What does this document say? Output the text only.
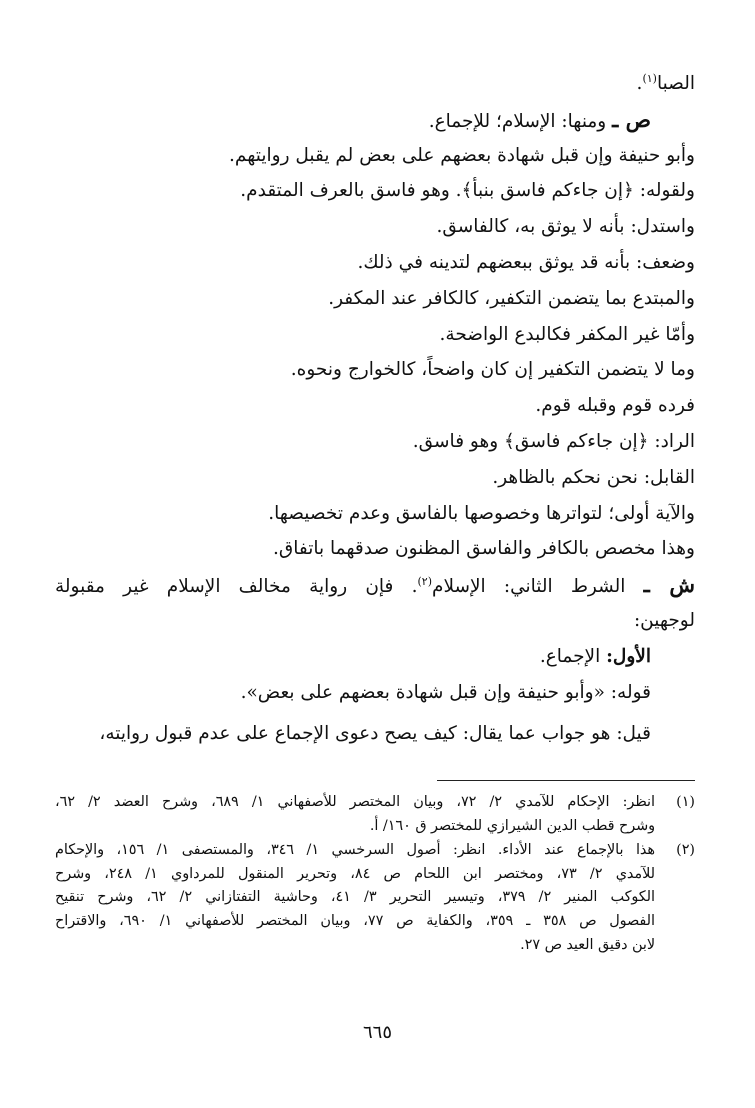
الصبا$^{(١)}$.
ص ـ ومنها: الإسلام؛ للإجماع.
وأبو حنيفة وإن قبل شهادة بعضهم على بعض لم يقبل روايتهم.
ولقوله: ﴿إن جاءكم فاسق بنبأ﴾. وهو فاسق بالعرف المتقدم.
واستدل: بأنه لا يوثق به، كالفاسق.
وضعف: بأنه قد يوثق ببعضهم لتدينه في ذلك.
والمبتدع بما يتضمن التكفير، كالكافر عند المكفر.
وأمّا غير المكفر فكالبدع الواضحة.
وما لا يتضمن التكفير إن كان واضحاً، كالخوارج ونحوه.
فرده قوم وقبله قوم.
الراد: ﴿إن جاءكم فاسق﴾ وهو فاسق.
القابل: نحن نحكم بالظاهر.
والآية أولى؛ لتواترها وخصوصها بالفاسق وعدم تخصيصها.
وهذا مخصص بالكافر والفاسق المظنون صدقهما باتفاق.
ش ـ الشرط الثاني: الإسلام$^{(٢)}$. فإن رواية مخالف الإسلام غير مقبولة
لوجهين:
الأول: الإجماع.
قوله: «وأبو حنيفة وإن قبل شهادة بعضهم على بعض».
قيل: هو جواب عما يقال: كيف يصح دعوى الإجماع على عدم قبول روايته،
(١)
انظر: الإحكام للآمدي ٢/ ٧٢، وبيان المختصر للأصفهاني ١/ ٦٨٩، وشرح العضد ٢/ ٦٢،
وشرح قطب الدين الشيرازي للمختصر ق ١٦٠/ أ.
(٢)
هذا بالإجماع عند الأداء. انظر: أصول السرخسي ١/ ٣٤٦، والمستصفى ١/ ١٥٦، والإحكام
للآمدي ٢/ ٧٣، ومختصر ابن اللحام ص ٨٤، وتحرير المنقول للمرداوي ١/ ٢٤٨، وشرح
الكوكب المنير ٢/ ٣٧٩، وتيسير التحرير ٣/ ٤١، وحاشية التفتازاني ٢/ ٦٢، وشرح تنقيح
الفصول ص ٣٥٨ ـ ٣٥٩، والكفاية ص ٧٧، وبيان المختصر للأصفهاني ١/ ٦٩٠، والاقتراح
لابن دقيق العيد ص ٢٧.
٦٦٥
